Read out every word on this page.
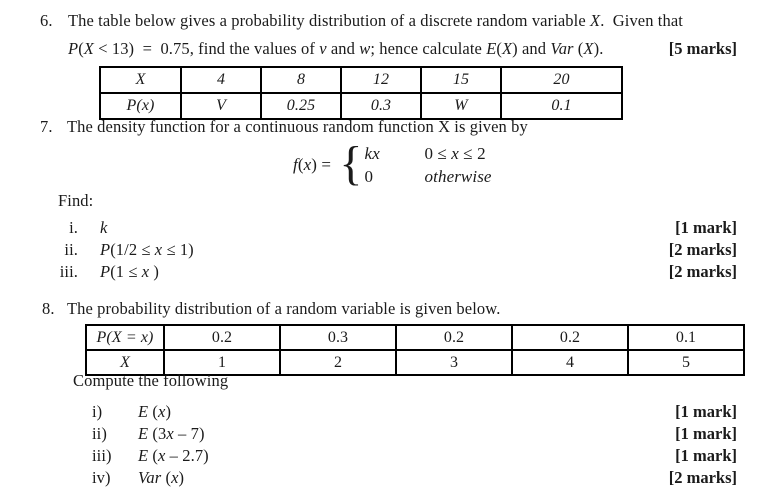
6. The table below gives a probability distribution of a discrete random variable X. Given that
P(X < 13)  =  0.75, find the values of v and w; hence calculate E(X) and Var (X).	[5 marks]
X	4	8	12	15	20
P(x)	V	0.25	0.3	W	0.1
7. The density function for a continuous random function X is given by
f(x) = { kx	0 ≤ x ≤ 2
0	otherwise
Find:
i. k	[1 mark]
ii. P(1/2 ≤ x ≤ 1)	[2 marks]
iii. P(1 ≤ x )	[2 marks]
8. The probability distribution of a random variable is given below.
P(X = x)	0.2	0.3	0.2	0.2	0.1
X	1	2	3	4	5
Compute the following
i) E (x)	[1 mark]
ii) E (3x – 7)	[1 mark]
iii) E (x – 2.7)	[1 mark]
iv) Var (x)	[2 marks]
